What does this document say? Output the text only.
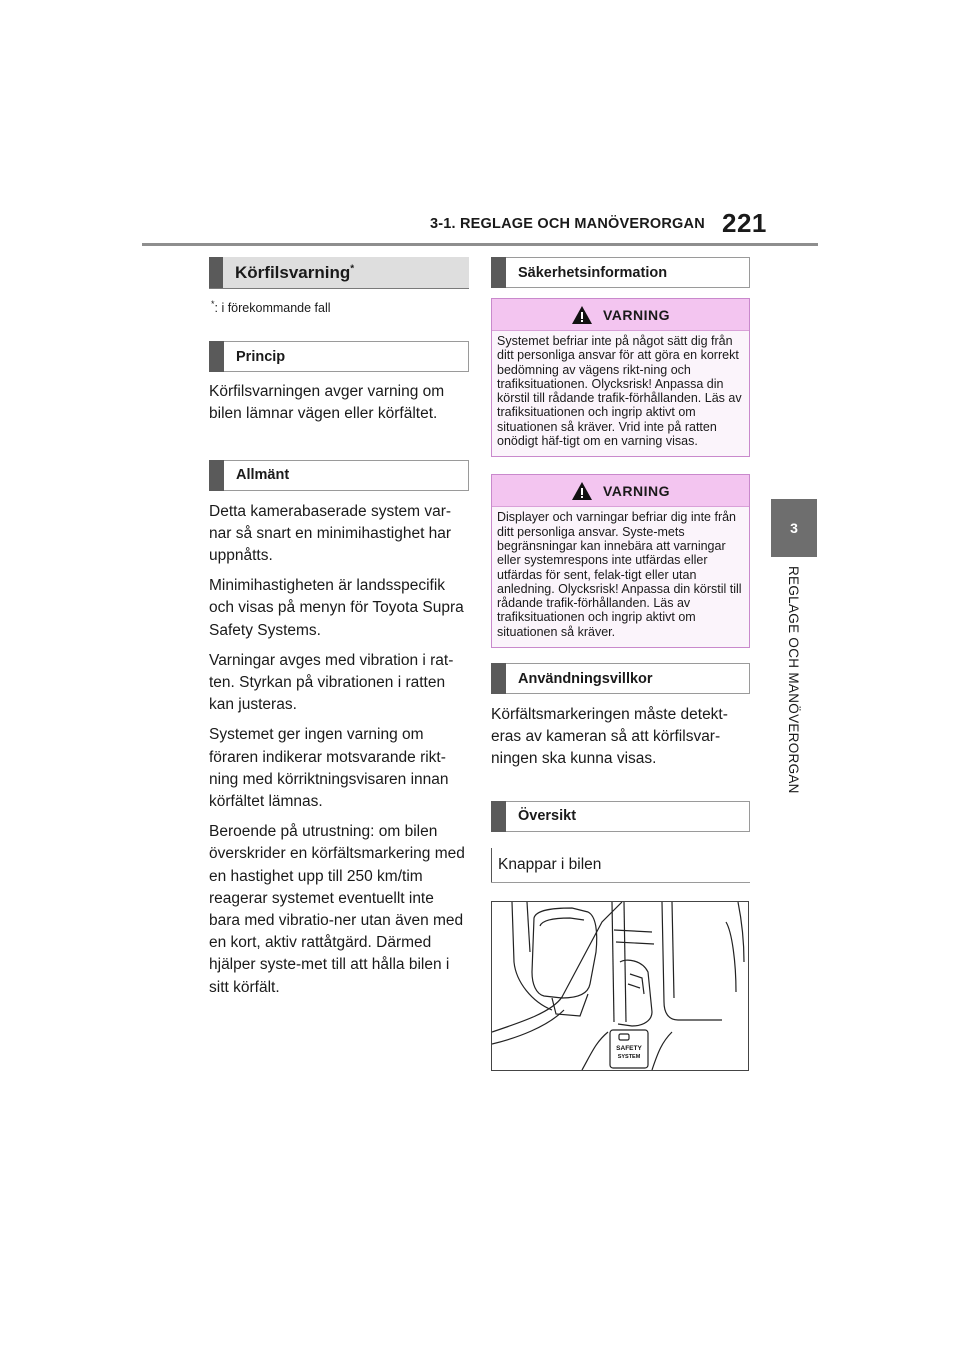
3-1. REGLAGE OCH MANÖVERORGAN 221
3
REGLAGE OCH MANÖVERORGAN
Körfilsvarning*
*: i förekommande fall
Princip

Körfilsvarningen avger varning om bilen lämnar vägen eller körfältet.

Allmänt

Detta kamerabaserade system var-nar så snart en minimihastighet har uppnåtts.

Minimihastigheten är landsspecifik och visas på menyn för Toyota Supra Safety Systems.

Varningar avges med vibration i rat-ten. Styrkan på vibrationen i ratten kan justeras.

Systemet ger ingen varning om föraren indikerar motsvarande rikt-ning med körriktningsvisaren innan körfältet lämnas.

Beroende på utrustning: om bilen överskrider en körfältsmarkering med en hastighet upp till 250 km/tim reagerar systemet eventuellt inte bara med vibratio-ner utan även med en kort, aktiv rattåtgärd. Därmed hjälper syste-met till att hålla bilen i sitt körfält.

Säkerhetsinformation
VARNING
Systemet befriar inte på något sätt dig från ditt personliga ansvar för att göra en korrekt bedömning av vägens rikt-ning och trafiksituationen. Olycksrisk! Anpassa din körstil till rådande trafik-förhållanden. Läs av trafiksituationen och ingrip aktivt om situationen så kräver. Vrid inte på ratten onödigt häf-tigt om en varning visas.
VARNING
Displayer och varningar befriar dig inte från ditt personliga ansvar. Syste-mets begränsningar kan innebära att varningar eller systemrespons inte utfärdas eller utfärdas för sent, felak-tigt eller utan anledning. Olycksrisk! Anpassa din körstil till rådande trafik-förhållanden. Läs av trafiksituationen och ingrip aktivt om situationen så kräver.
Användningsvillkor

Körfältsmarkeringen måste detekt-eras av kameran så att körfilsvar-ningen ska kunna visas.

Översikt
Knappar i bilen
SAFETY
SYSTEM
